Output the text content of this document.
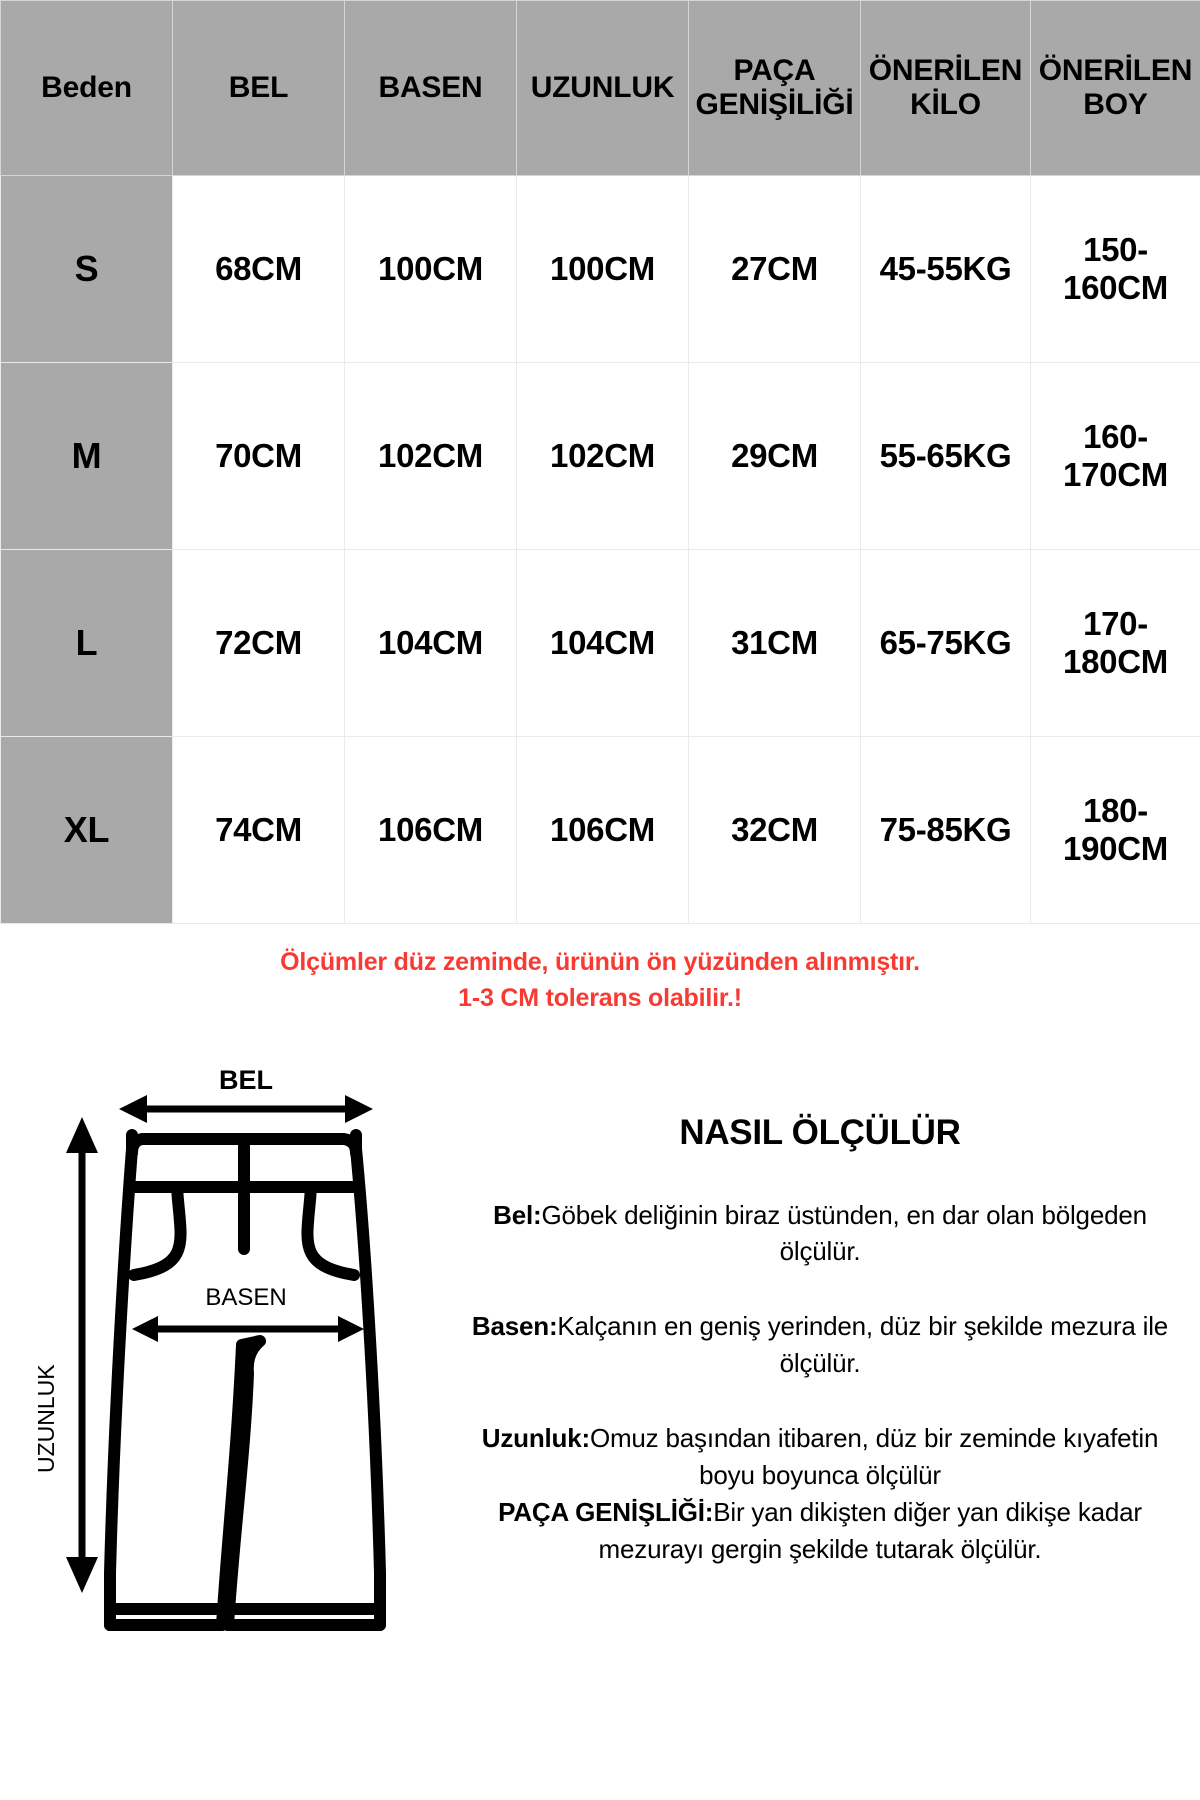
Beden	BEL	BASEN	UZUNLUK	PAÇA GENİŞİLİĞİ	ÖNERİLEN KİLO	ÖNERİLEN BOY
S	68CM	100CM	100CM	27CM	45-55KG	150-160CM
M	70CM	102CM	102CM	29CM	55-65KG	160-170CM
L	72CM	104CM	104CM	31CM	65-75KG	170-180CM
XL	74CM	106CM	106CM	32CM	75-85KG	180-190CM
Ölçümler düz zeminde, ürünün ön yüzünden alınmıştır.
1-3 CM tolerans olabilir.!
BEL
UZUNLUK
BASEN
NASIL ÖLÇÜLÜR

Bel:Göbek deliğinin biraz üstünden, en dar olan bölgeden ölçülür.

Basen:Kalçanın en geniş yerinden, düz bir şekilde mezura ile ölçülür.

Uzunluk:Omuz başından itibaren, düz bir zeminde kıyafetin boyu boyunca ölçülür

PAÇA GENİŞLİĞİ:Bir yan dikişten diğer yan dikişe kadar mezurayı gergin şekilde tutarak ölçülür.
